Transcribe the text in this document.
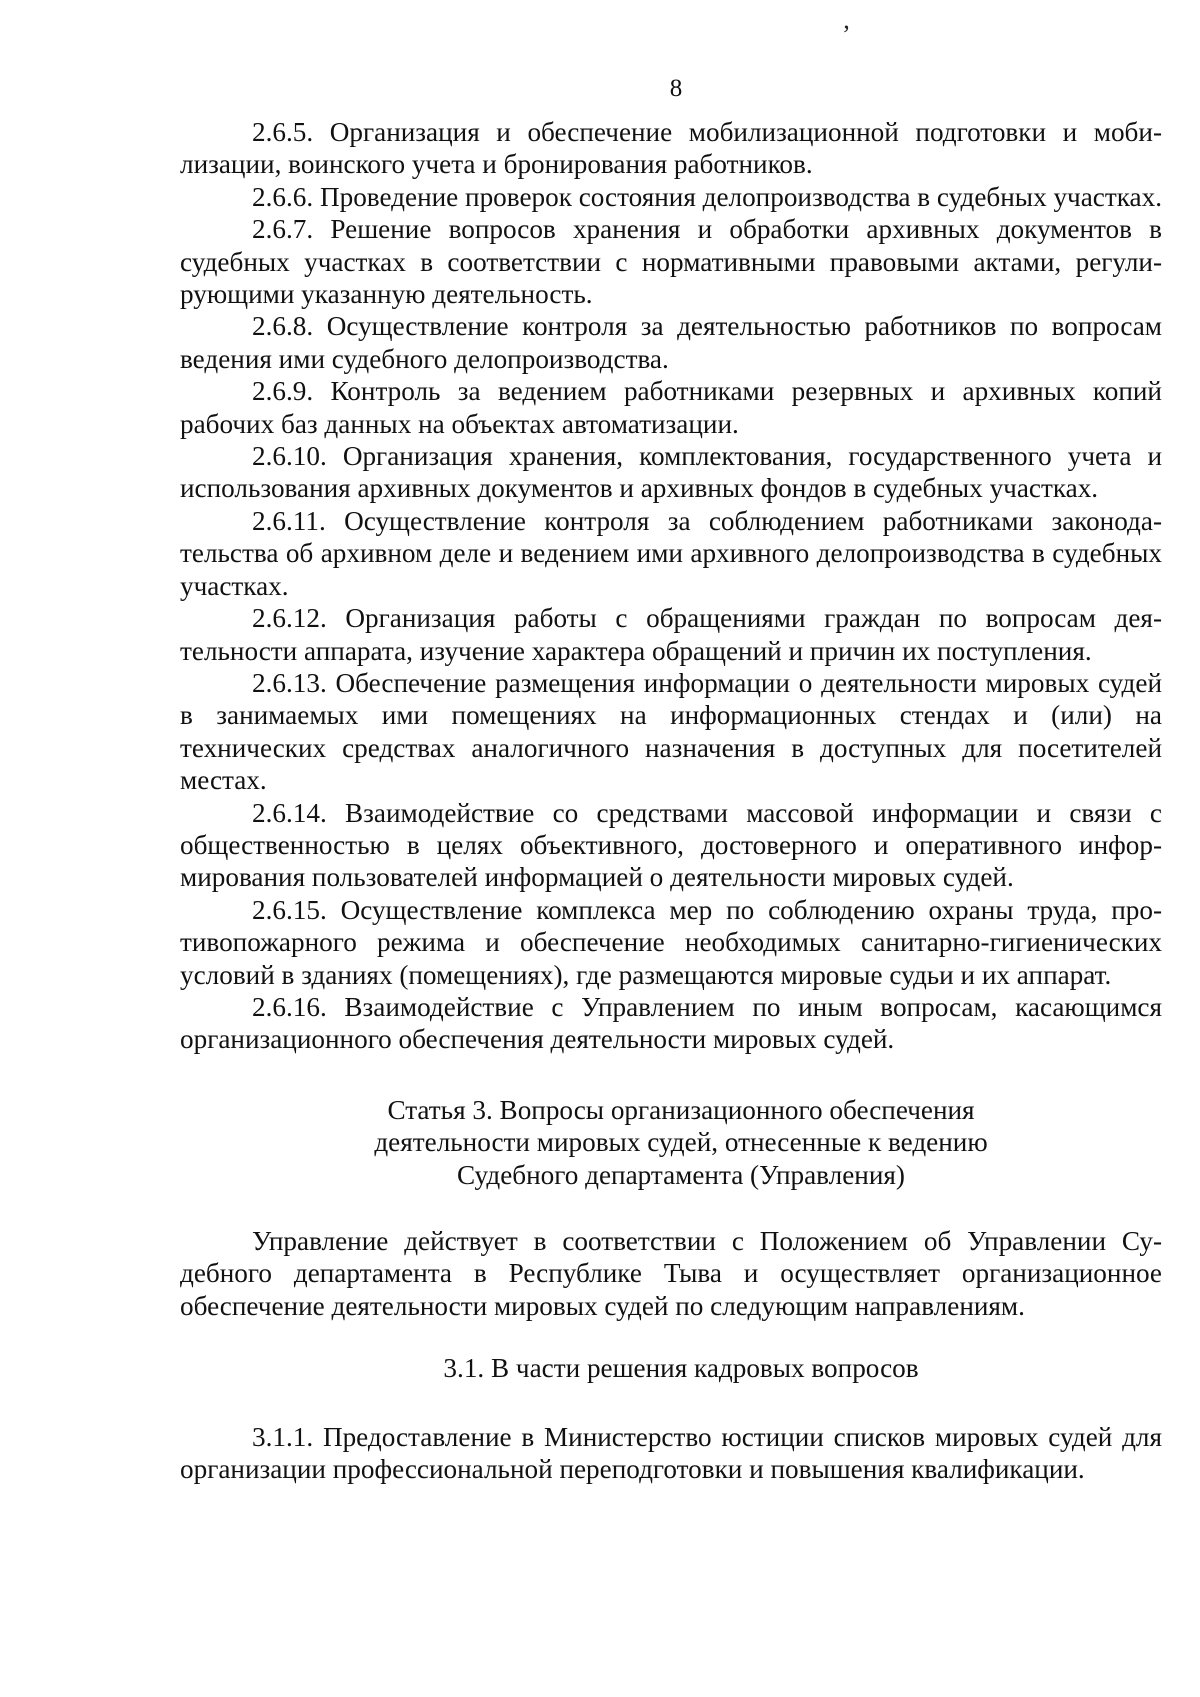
’
8

2.6.5. Организация и обеспечение мобилизационной подготовки и мобилизации, воинского учета и бронирования работников.

2.6.6. Проведение проверок состояния делопроизводства в судебных участках.

2.6.7. Решение вопросов хранения и обработки архивных документов в судебных участках в соответствии с нормативными правовыми актами, регулирующими указанную деятельность.

2.6.8. Осуществление контроля за деятельностью работников по вопросам ведения ими судебного делопроизводства.

2.6.9. Контроль за ведением работниками резервных и архивных копий рабочих баз данных на объектах автоматизации.

2.6.10. Организация хранения, комплектования, государственного учета и использования архивных документов и архивных фондов в судебных участках.

2.6.11. Осуществление контроля за соблюдением работниками законодательства об архивном деле и ведением ими архивного делопроизводства в судебных участках.

2.6.12. Организация работы с обращениями граждан по вопросам деятельности аппарата, изучение характера обращений и причин их поступления.

2.6.13. Обеспечение размещения информации о деятельности мировых судей в занимаемых ими помещениях на информационных стендах и (или) на технических средствах аналогичного назначения в доступных для посетителей местах.

2.6.14. Взаимодействие со средствами массовой информации и связи с общественностью в целях объективного, достоверного и оперативного информирования пользователей информацией о деятельности мировых судей.

2.6.15. Осуществление комплекса мер по соблюдению охраны труда, противопожарного режима и обеспечение необходимых санитарно-гигиенических условий в зданиях (помещениях), где размещаются мировые судьи и их аппарат.

2.6.16. Взаимодействие с Управлением по иным вопросам, касающимся организационного обеспечения деятельности мировых судей.

Статья 3. Вопросы организационного обеспечения

деятельности мировых судей, отнесенные к ведению

Судебного департамента (Управления)

Управление действует в соответствии с Положением об Управлении Судебного департамента в Республике Тыва и осуществляет организационное обеспечение деятельности мировых судей по следующим направлениям.

3.1. В части решения кадровых вопросов

3.1.1. Предоставление в Министерство юстиции списков мировых судей для организации профессиональной переподготовки и повышения квалификации.
